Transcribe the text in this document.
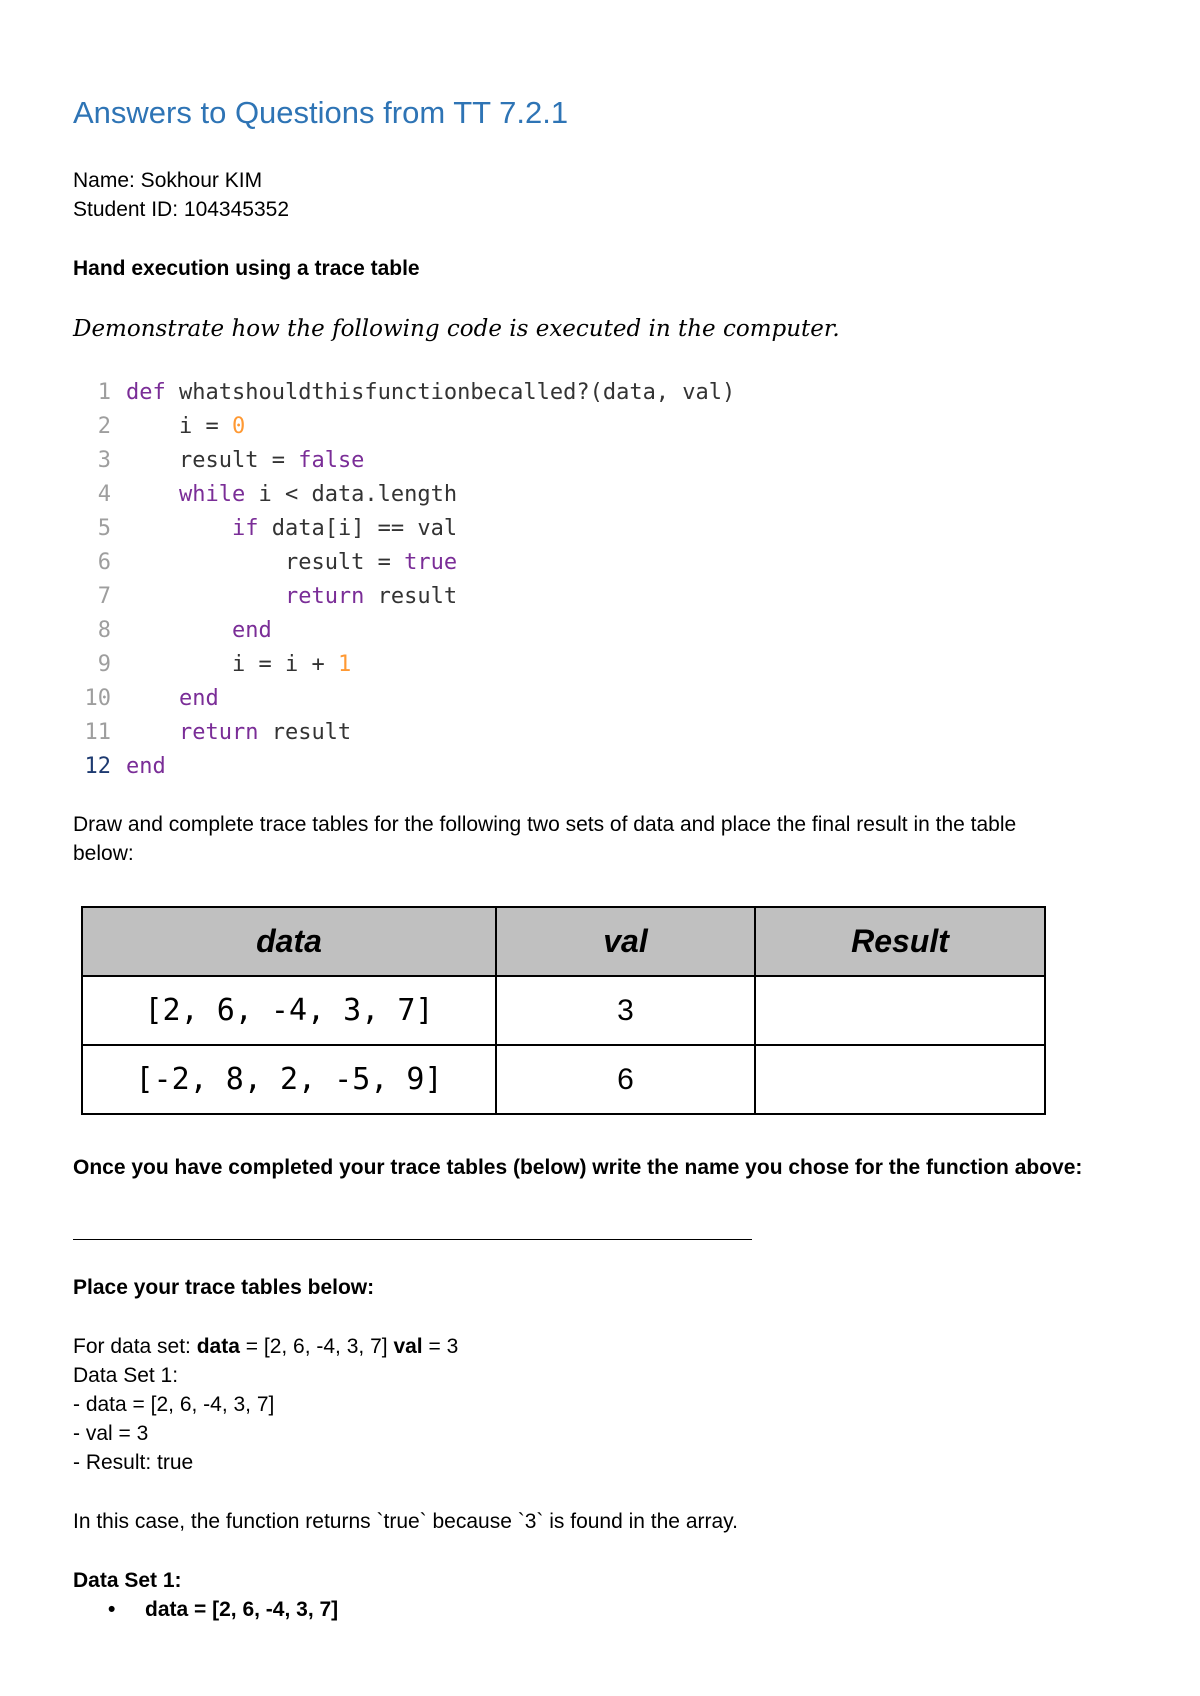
Answers to Questions from TT 7.2.1
Name: Sokhour KIM
Student ID: 104345352
Hand execution using a trace table
Demonstrate how the following code is executed in the computer.
1 def whatshouldthisfunctionbecalled?(data, val)
2	i = 0
3	result = false
4	while i < data.length
5	if data[i] == val
6	result = true
7	return result
8	end
9	i = i + 1
10	end
11	return result
12 end
Draw and complete trace tables for the following two sets of data and place the final result in the table
below:
data	val	Result
[2, 6, -4, 3, 7]	3	
[-2, 8, 2, -5, 9]	6	
Once you have completed your trace tables (below) write the name you chose for the function above:
Place your trace tables below:
For data set: data = [2, 6, -4, 3, 7] val = 3
Data Set 1:
- data = [2, 6, -4, 3, 7]
- val = 3
- Result: true
In this case, the function returns `true` because `3` is found in the array.
Data Set 1:
• data = [2, 6, -4, 3, 7]
